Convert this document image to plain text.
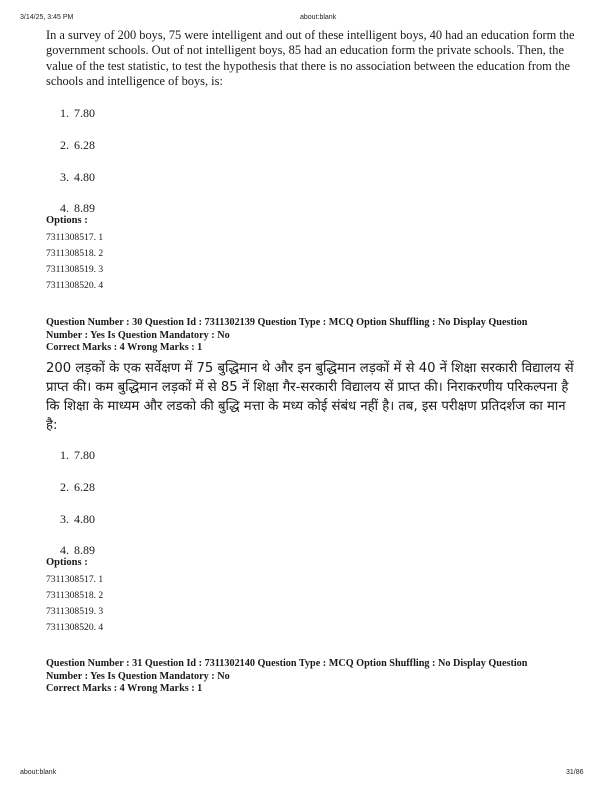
3/14/25, 3:45 PM	about:blank
In a survey of 200 boys, 75 were intelligent and out of these intelligent boys, 40 had an education form the government schools. Out of not intelligent boys, 85 had an education form the private schools. Then, the value of the test statistic, to test the hypothesis that there is no association between the education from the schools and intelligence of boys, is:
1. 7.80
2. 6.28
3. 4.80
4. 8.89
Options :
7311308517. 1
7311308518. 2
7311308519. 3
7311308520. 4
Question Number : 30 Question Id : 7311302139 Question Type : MCQ Option Shuffling : No Display Question
Number : Yes Is Question Mandatory : No
Correct Marks : 4 Wrong Marks : 1
200 लड़कों के एक सर्वेक्षण में 75 बुद्धिमान थे और इन बुद्धिमान लड़कों में से 40 नें शिक्षा सरकारी विद्यालय सें प्राप्त की। कम बुद्धिमान लड़कों में से 85 नें शिक्षा गैर-सरकारी विद्यालय सें प्राप्त की। निराकरणीय परिकल्पना है कि शिक्षा के माध्यम और लडको की बुद्धि मत्ता के मध्य कोई संबंध नहीं है। तब, इस परीक्षण प्रतिदर्शज का मान है:
1. 7.80
2. 6.28
3. 4.80
4. 8.89
Options :
7311308517. 1
7311308518. 2
7311308519. 3
7311308520. 4
Question Number : 31 Question Id : 7311302140 Question Type : MCQ Option Shuffling : No Display Question
Number : Yes Is Question Mandatory : No
Correct Marks : 4 Wrong Marks : 1
about:blank	31/86
